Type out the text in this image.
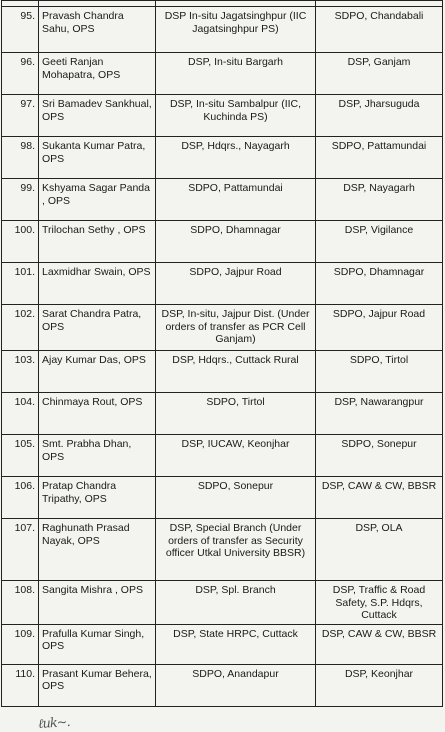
95.	Pravash Chandra Sahu, OPS	DSP In-situ Jagatsinghpur (IIC Jagatsinghpur PS)	SDPO, Chandabali
96.	Geeti Ranjan Mohapatra, OPS	DSP, In-situ Bargarh	DSP, Ganjam
97.	Sri Bamadev Sankhual, OPS	DSP, In-situ Sambalpur (IIC, Kuchinda PS)	DSP, Jharsuguda
98.	Sukanta Kumar Patra, OPS	DSP, Hdqrs., Nayagarh	SDPO, Pattamundai
99.	Kshyama Sagar Panda , OPS	SDPO, Pattamundai	DSP, Nayagarh
100.	Trilochan Sethy , OPS	SDPO, Dhamnagar	DSP, Vigilance
101.	Laxmidhar Swain, OPS	SDPO, Jajpur Road	SDPO, Dhamnagar
102.	Sarat Chandra Patra, OPS	DSP, In-situ, Jajpur Dist. (Under orders of transfer as PCR Cell Ganjam)	SDPO, Jajpur Road
103.	Ajay Kumar Das, OPS	DSP, Hdqrs., Cuttack Rural	SDPO, Tirtol
104.	Chinmaya Rout, OPS	SDPO, Tirtol	DSP, Nawarangpur
105.	Smt. Prabha Dhan, OPS	DSP, IUCAW, Keonjhar	SDPO, Sonepur
106.	Pratap Chandra Tripathy, OPS	SDPO, Sonepur	DSP, CAW & CW, BBSR
107.	Raghunath Prasad Nayak, OPS	DSP, Special Branch (Under orders of transfer as Security officer Utkal University BBSR)	DSP, OLA
108.	Sangita Mishra , OPS	DSP, Spl. Branch	DSP, Traffic & Road Safety, S.P. Hdqrs, Cuttack
109.	Prafulla Kumar Singh, OPS	DSP, State HRPC, Cuttack	DSP, CAW & CW, BBSR
110.	Prasant Kumar Behera, OPS	SDPO, Anandapur	DSP, Keonjhar
ℓuk~.
